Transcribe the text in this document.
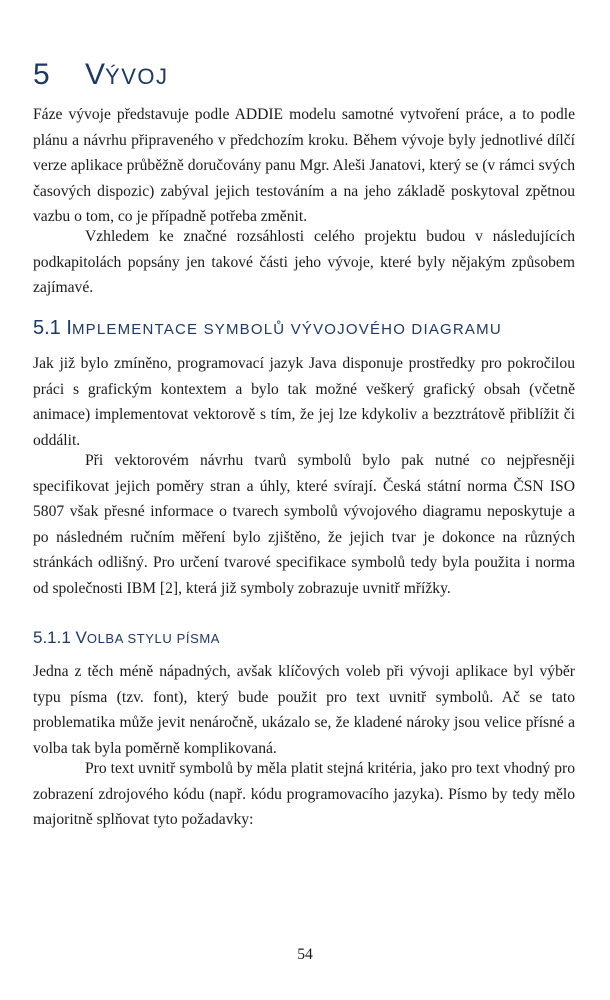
5 VÝVOJ

Fáze vývoje představuje podle ADDIE modelu samotné vytvoření práce, a to podle plánu a návrhu připraveného v předchozím kroku. Během vývoje byly jednotlivé dílčí verze aplikace průběžně doručovány panu Mgr. Aleši Janatovi, který se (v rámci svých časových dispozic) zabýval jejich testováním a na jeho základě poskytoval zpětnou vazbu o tom, co je případně potřeba změnit.

Vzhledem ke značné rozsáhlosti celého projektu budou v následujících podkapitolách popsány jen takové části jeho vývoje, které byly nějakým způsobem zajímavé.

5.1 IMPLEMENTACE SYMBOLŮ VÝVOJOVÉHO DIAGRAMU

Jak již bylo zmíněno, programovací jazyk Java disponuje prostředky pro pokročilou práci s grafickým kontextem a bylo tak možné veškerý grafický obsah (včetně animace) implementovat vektorově s tím, že jej lze kdykoliv a bezztrátově přiblížit či oddálit.

Při vektorovém návrhu tvarů symbolů bylo pak nutné co nejpřesněji specifikovat jejich poměry stran a úhly, které svírají. Česká státní norma ČSN ISO 5807 však přesné informace o tvarech symbolů vývojového diagramu neposkytuje a po následném ručním měření bylo zjištěno, že jejich tvar je dokonce na různých stránkách odlišný. Pro určení tvarové specifikace symbolů tedy byla použita i norma od společnosti IBM [2], která již symboly zobrazuje uvnitř mřížky.

5.1.1 VOLBA STYLU PÍSMA

Jedna z těch méně nápadných, avšak klíčových voleb při vývoji aplikace byl výběr typu písma (tzv. font), který bude použit pro text uvnitř symbolů. Ač se tato problematika může jevit nenáročně, ukázalo se, že kladené nároky jsou velice přísné a volba tak byla poměrně komplikovaná.

Pro text uvnitř symbolů by měla platit stejná kritéria, jako pro text vhodný pro zobrazení zdrojového kódu (např. kódu programovacího jazyka). Písmo by tedy mělo majoritně splňovat tyto požadavky:

54
